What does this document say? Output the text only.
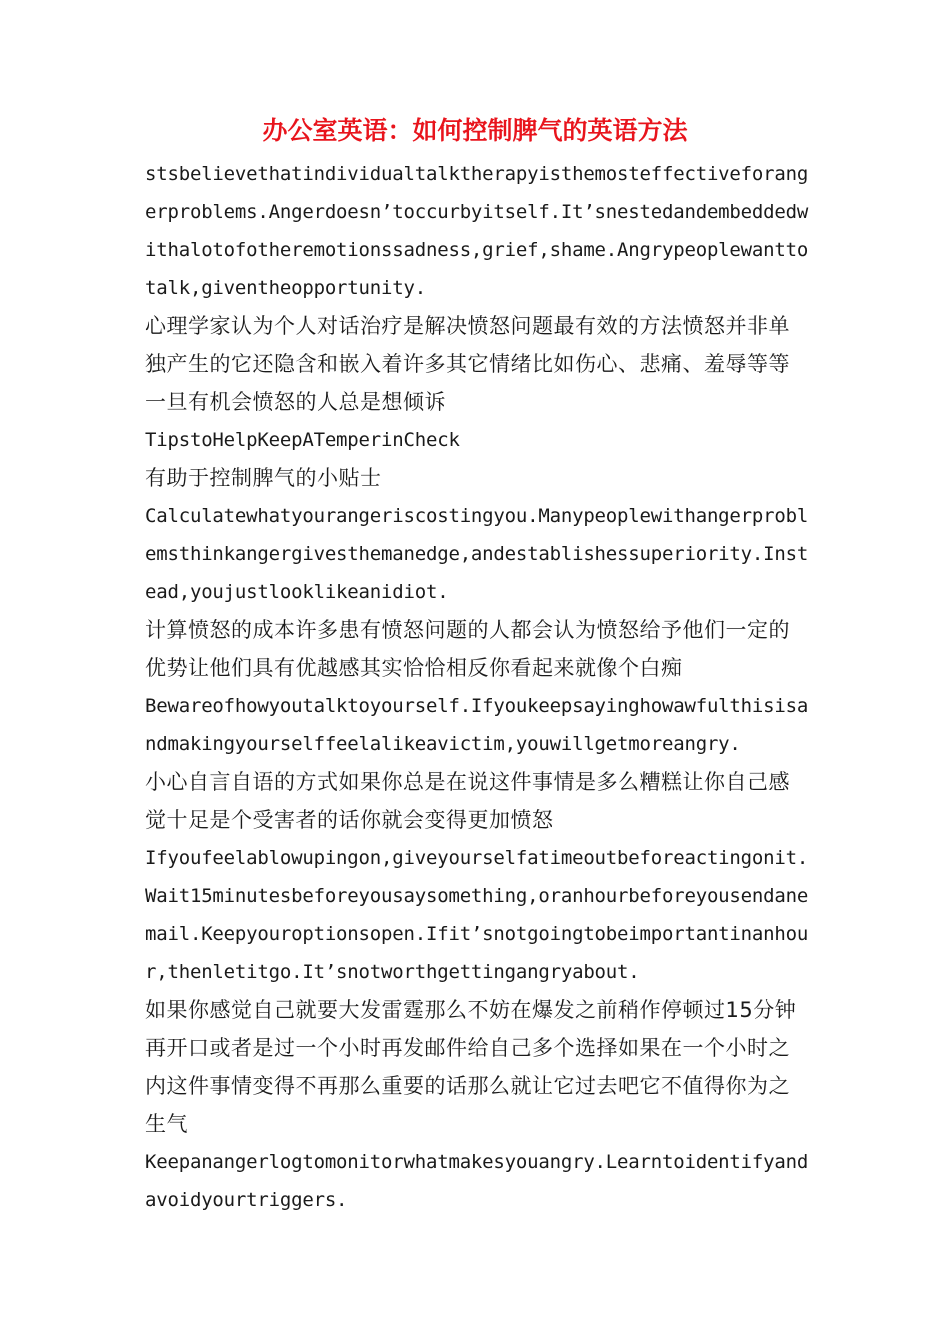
办公室英语：如何控制脾气的英语方法

stsbelievethatindividualtalktherapyisthemosteffectiveforangerproblems.Angerdoesn’toccurbyitself.It’snestedandembeddedwithalotofotheremotionssadness,grief,shame.Angrypeoplewanttotalk,giventheopportunity.

心理学家认为个人对话治疗是解决愤怒问题最有效的方法愤怒并非单独产生的它还隐含和嵌入着许多其它情绪比如伤心、悲痛、羞辱等等一旦有机会愤怒的人总是想倾诉

TipstoHelpKeepATemperinCheck

有助于控制脾气的小贴士

Calculatewhatyourangeriscostingyou.Manypeoplewithangerproblemsthinkangergivesthemanedge,andestablishessuperiority.Instead,youjustlooklikeanidiot.

计算愤怒的成本许多患有愤怒问题的人都会认为愤怒给予他们一定的优势让他们具有优越感其实恰恰相反你看起来就像个白痴

Bewareofhowyoutalktoyourself.Ifyoukeepsayinghowawfulthisisandmakingyourselffeelalikeavictim,youwillgetmoreangry.

小心自言自语的方式如果你总是在说这件事情是多么糟糕让你自己感觉十足是个受害者的话你就会变得更加愤怒

Ifyoufeelablowupingon,giveyourselfatimeoutbeforeactingonit.Wait15minutesbeforeyousaysomething,oranhourbeforeyousendanemail.Keepyouroptionsopen.Ifit’snotgoingtobeimportantinanhour,thenletitgo.It’snotworthgettingangryabout.

如果你感觉自己就要大发雷霆那么不妨在爆发之前稍作停顿过15分钟再开口或者是过一个小时再发邮件给自己多个选择如果在一个小时之内这件事情变得不再那么重要的话那么就让它过去吧它不值得你为之生气

Keepanangerlogtomonitorwhatmakesyouangry.Learntoidentifyandavoidyourtriggers.
